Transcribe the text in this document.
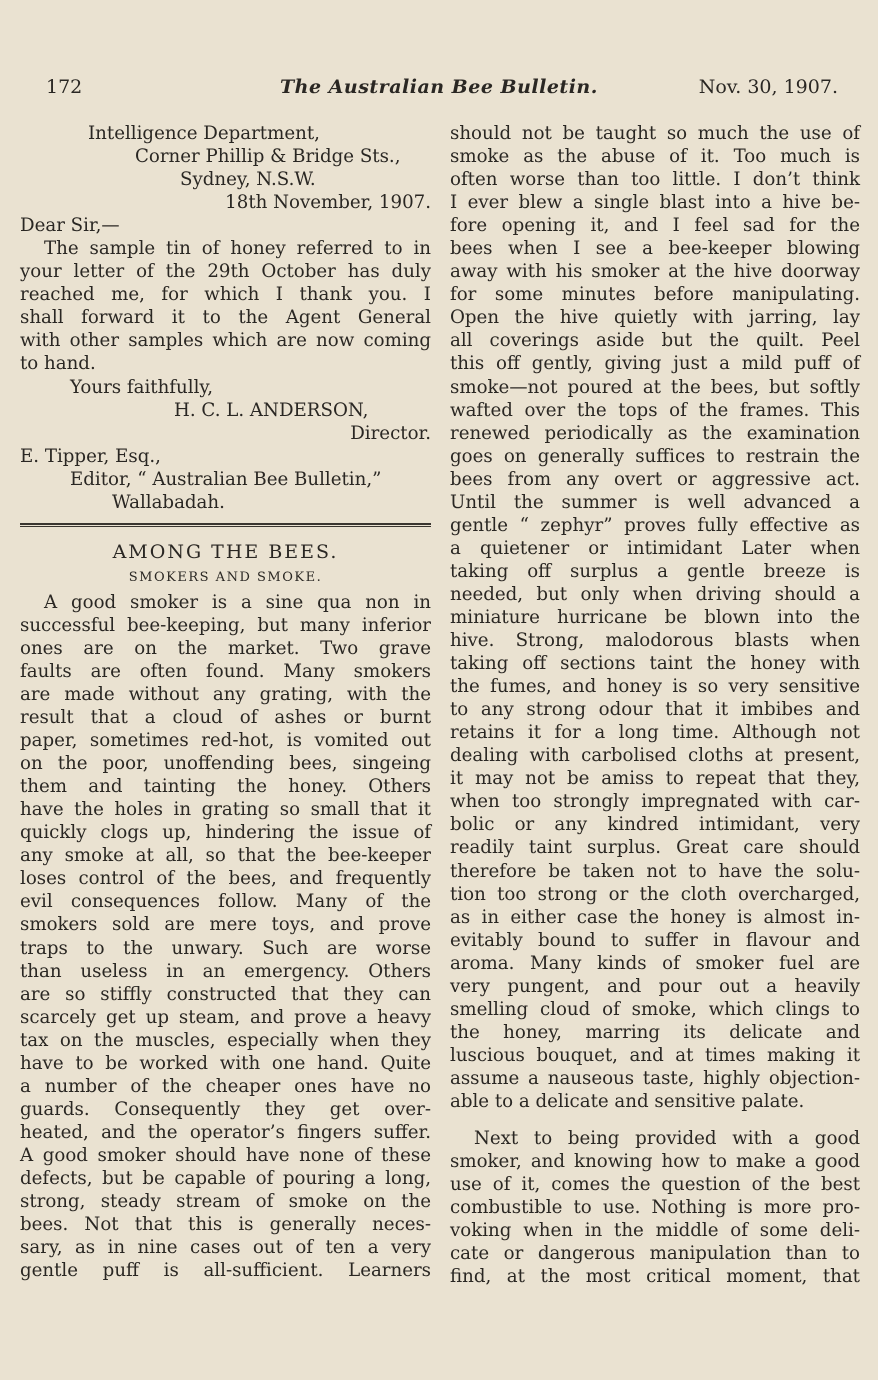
172	The Australian Bee Bulletin.	Nov. 30, 1907.
Intelligence Department,
Corner Phillip & Bridge Sts.,
Sydney, N.S.W.
18th November, 1907.
Dear Sir,—
The sample tin of honey referred to in
your letter of the 29th October has duly
reached me, for which I thank you. I
shall forward it to the Agent General
with other samples which are now coming
to hand.
Yours faithfully,
H. C. L. ANDERSON,
Director.
E. Tipper, Esq.,
Editor, “ Australian Bee Bulletin,”
Wallabadah.
AMONG THE BEES.
SMOKERS AND SMOKE.
A good smoker is a sine qua non in
successful bee-keeping, but many inferior
ones are on the market. Two grave
faults are often found. Many smokers
are made without any grating, with the
result that a cloud of ashes or burnt
paper, sometimes red-hot, is vomited out
on the poor, unoffending bees, singeing
them and tainting the honey. Others
have the holes in grating so small that it
quickly clogs up, hindering the issue of
any smoke at all, so that the bee-keeper
loses control of the bees, and frequently
evil consequences follow. Many of the
smokers sold are mere toys, and prove
traps to the unwary. Such are worse
than useless in an emergency. Others
are so stiffly constructed that they can
scarcely get up steam, and prove a heavy
tax on the muscles, especially when they
have to be worked with one hand. Quite
a number of the cheaper ones have no
guards. Consequently they get over-
heated, and the operator’s fingers suffer.
A good smoker should have none of these
defects, but be capable of pouring a long,
strong, steady stream of smoke on the
bees. Not that this is generally neces-
sary, as in nine cases out of ten a very
gentle puff is all-sufficient. Learners
should not be taught so much the use of
smoke as the abuse of it. Too much is
often worse than too little. I don’t think
I ever blew a single blast into a hive be-
fore opening it, and I feel sad for the
bees when I see a bee-keeper blowing
away with his smoker at the hive doorway
for some minutes before manipulating.
Open the hive quietly with jarring, lay
all coverings aside but the quilt. Peel
this off gently, giving just a mild puff of
smoke—not poured at the bees, but softly
wafted over the tops of the frames. This
renewed periodically as the examination
goes on generally suffices to restrain the
bees from any overt or aggressive act.
Until the summer is well advanced a
gentle “ zephyr” proves fully effective as
a quietener or intimidant Later when
taking off surplus a gentle breeze is
needed, but only when driving should a
miniature hurricane be blown into the
hive. Strong, malodorous blasts when
taking off sections taint the honey with
the fumes, and honey is so very sensitive
to any strong odour that it imbibes and
retains it for a long time. Although not
dealing with carbolised cloths at present,
it may not be amiss to repeat that they,
when too strongly impregnated with car-
bolic or any kindred intimidant, very
readily taint surplus. Great care should
therefore be taken not to have the solu-
tion too strong or the cloth overcharged,
as in either case the honey is almost in-
evitably bound to suffer in flavour and
aroma. Many kinds of smoker fuel are
very pungent, and pour out a heavily
smelling cloud of smoke, which clings to
the honey, marring its delicate and
luscious bouquet, and at times making it
assume a nauseous taste, highly objection-
able to a delicate and sensitive palate.
Next to being provided with a good
smoker, and knowing how to make a good
use of it, comes the question of the best
combustible to use. Nothing is more pro-
voking when in the middle of some deli-
cate or dangerous manipulation than to
find, at the most critical moment, that
